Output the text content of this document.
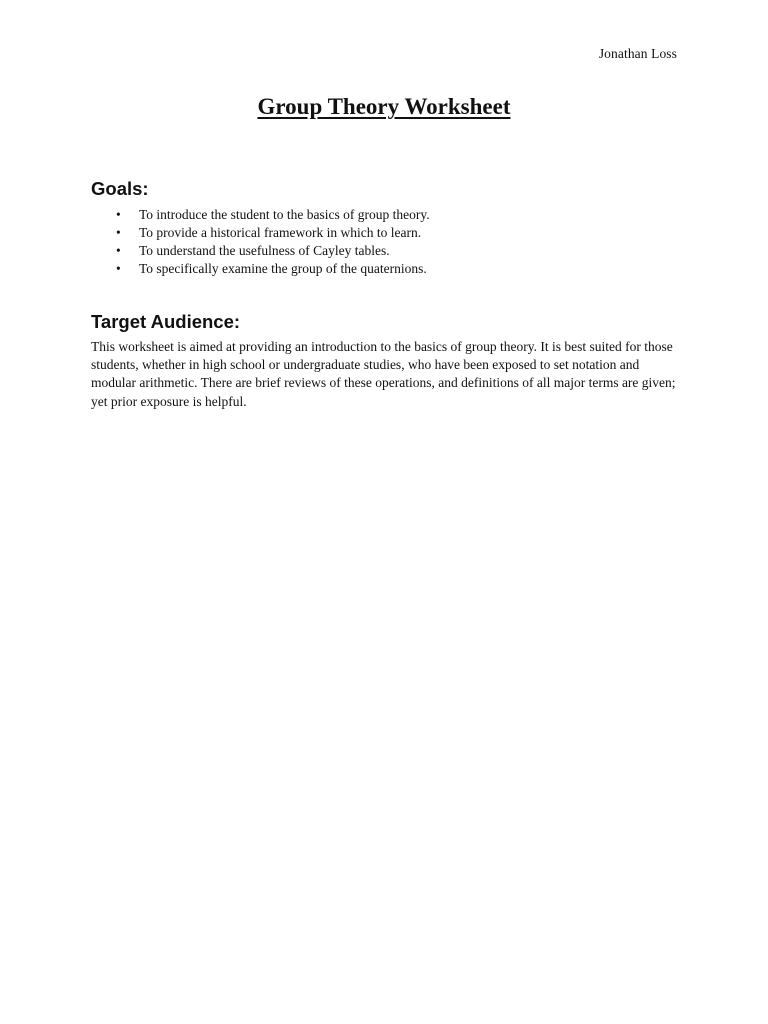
Jonathan Loss
Group Theory Worksheet
Goals:
• To introduce the student to the basics of group theory.
• To provide a historical framework in which to learn.
• To understand the usefulness of Cayley tables.
• To specifically examine the group of the quaternions.
Target Audience:

This worksheet is aimed at providing an introduction to the basics of group theory. It is best suited for those students, whether in high school or undergraduate studies, who have been exposed to set notation and modular arithmetic. There are brief reviews of these operations, and definitions of all major terms are given; yet prior exposure is helpful.
